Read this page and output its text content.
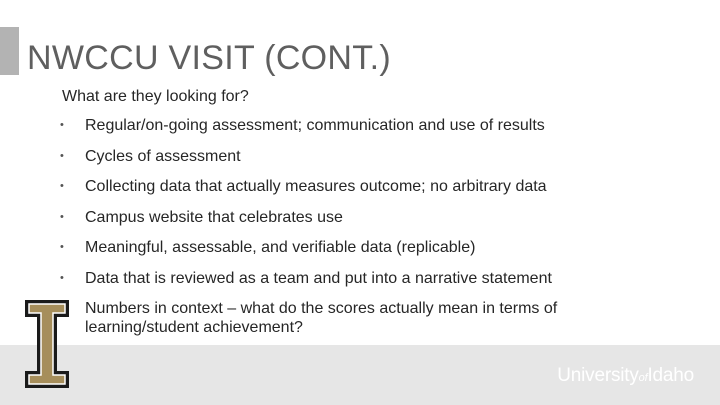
NWCCU VISIT (CONT.)
What are they looking for?
• Regular/on-going assessment; communication and use of results
• Cycles of assessment
• Collecting data that actually measures outcome; no arbitrary data
• Campus website that celebrates use
• Meaningful, assessable, and verifiable data (replicable)
• Data that is reviewed as a team and put into a narrative statement
Numbers in context – what do the scores actually mean in terms of learning/student achievement?
UniversityofIdaho
